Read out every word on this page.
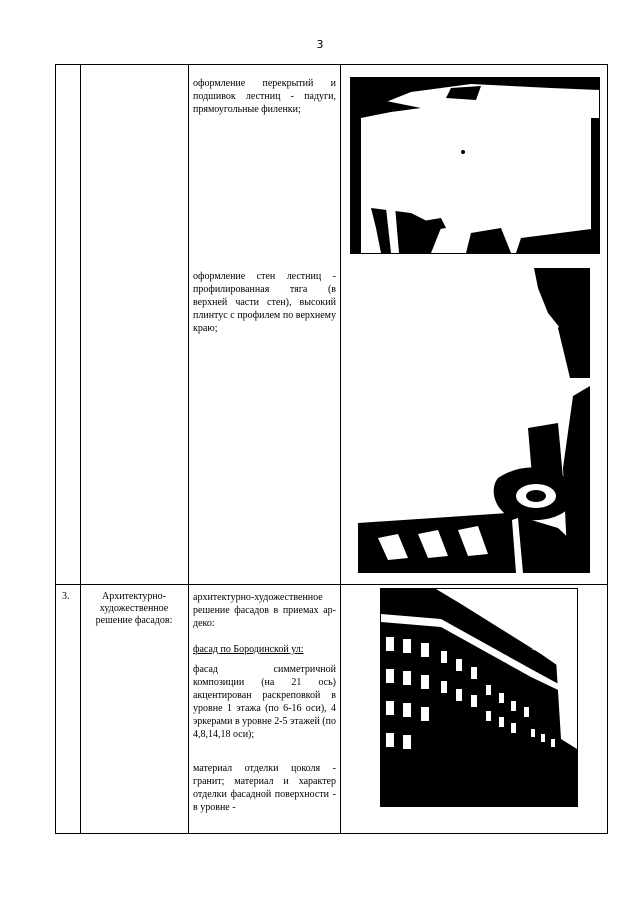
3
оформление перекрытий и подшивок лестниц - падуги, прямоугольные филенки;
оформление стен лестниц - профилированная тяга (в верхней части стен), высокий плинтус с профилем по верхнему краю;
3.	Архитектурно-художественное решение фасадов:
архитектурно-художественное решение фасадов в приемах ар-деко:
фасад по Бородинской ул:
фасад симметричной композиции (на 21 ось) акцентирован раскреповкой в уровне 1 этажа (по 6-16 оси), 4 эркерами в уровне 2-5 этажей (по 4,8,14,18 оси);
материал отделки цоколя - гранит; материал и характер отделки фасадной поверхности - в уровне -
